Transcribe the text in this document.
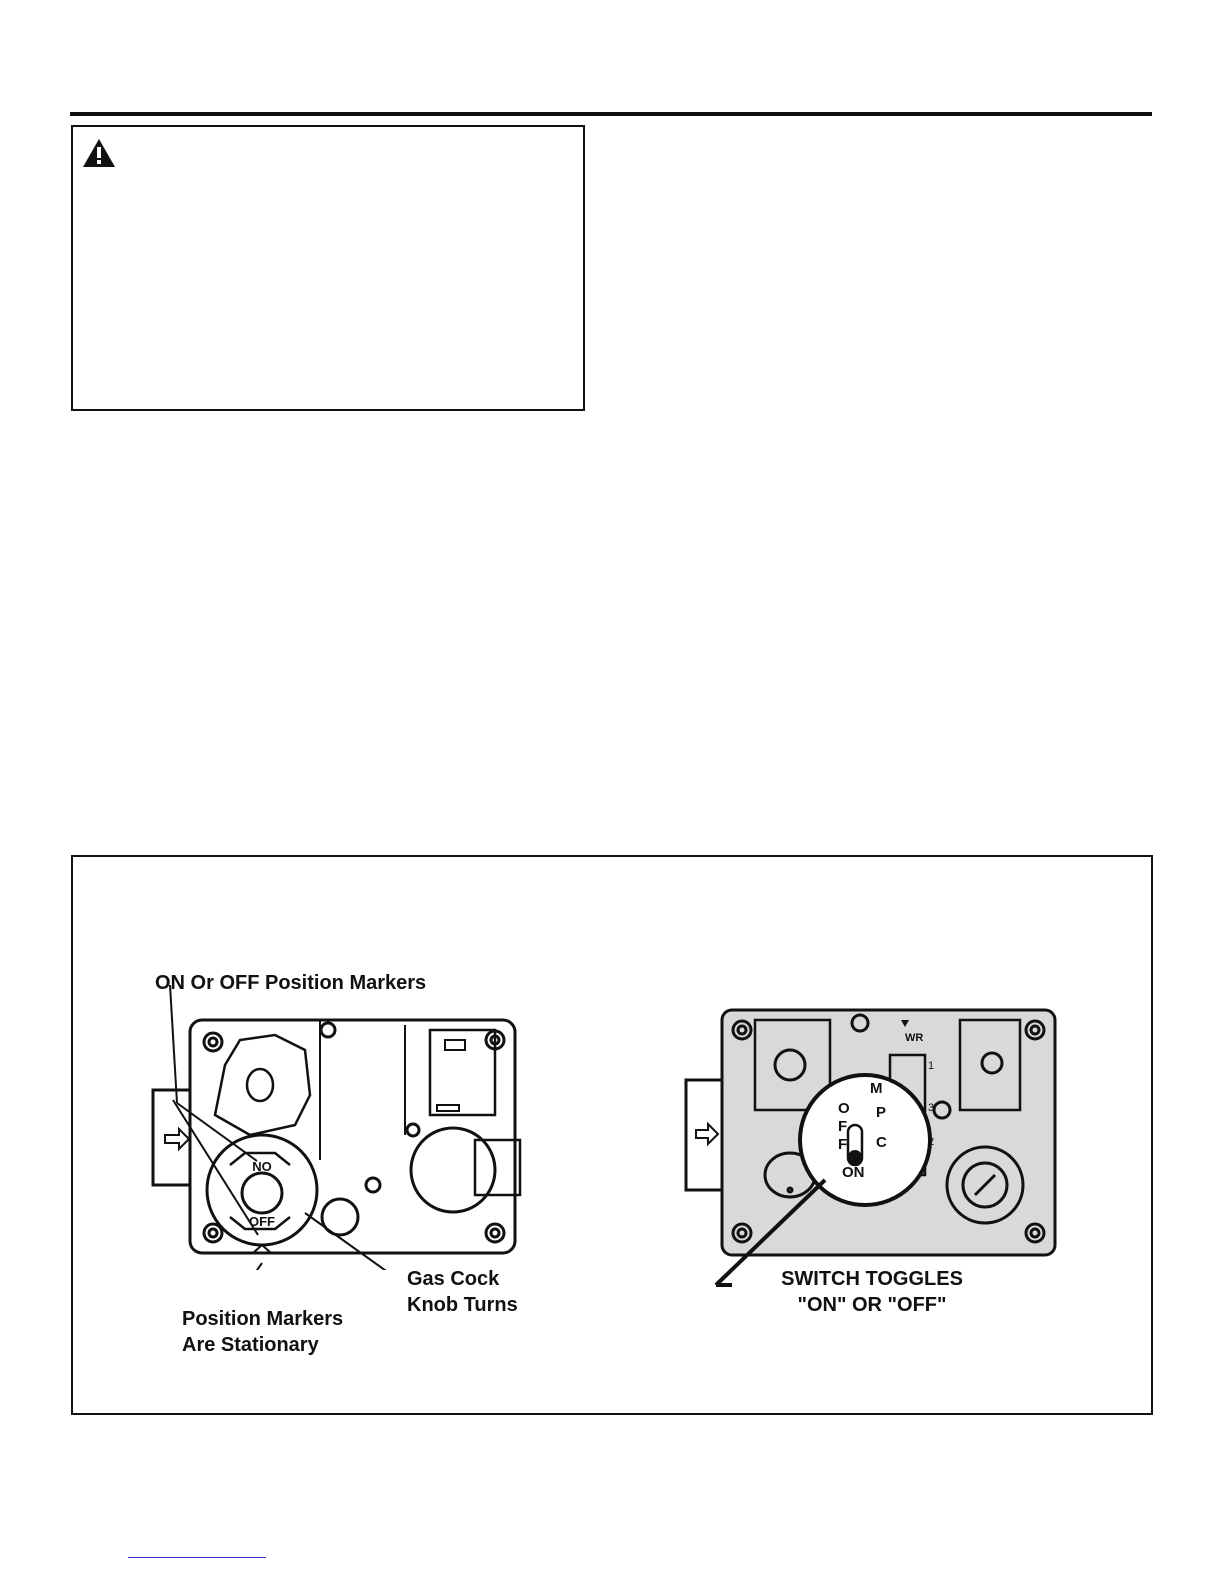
NO
OFF
WR
O
F
F
ON
M
P
C
1
3
2
ON Or OFF Position Markers
Position Markers
Are Stationary
Gas Cock
Knob Turns
SWITCH TOGGLES
"ON" OR "OFF"
